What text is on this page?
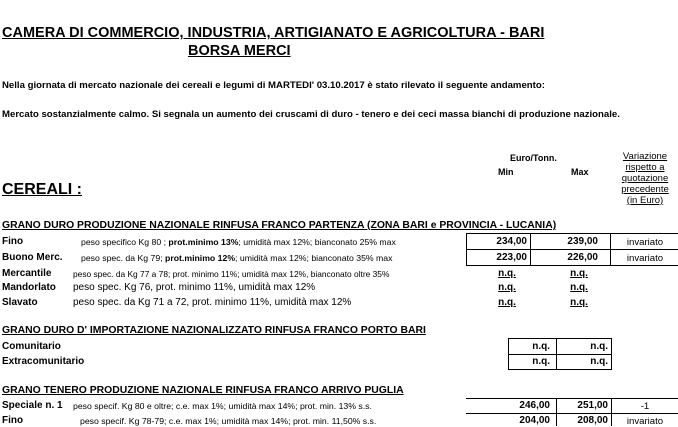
CAMERA DI COMMERCIO, INDUSTRIA, ARTIGIANATO E AGRICOLTURA - BARI
BORSA MERCI
Nella giornata di mercato nazionale dei cereali e legumi di MARTEDI' 03.10.2017 è stato rilevato il seguente andamento:
Mercato sostanzialmente calmo. Si segnala un aumento dei cruscami di duro - tenero e dei ceci massa bianchi di produzione nazionale.
Euro/Tonn.
Min	Max
Variazione
rispetto a
quotazione
precedente
(in Euro)
CEREALI :
GRANO DURO PRODUZIONE NAZIONALE RINFUSA FRANCO PARTENZA (ZONA BARI e PROVINCIA - LUCANIA)
Fino	peso specifico Kg 80 ; prot.minimo 13%; umidità max 12%; bianconato 25% max	234,00	239,00	invariato
Buono Merc. peso spec. da Kg 79; prot.minimo 12%; umidità max 12%; bianconato 35% max	223,00	226,00	invariato
Mercantile	peso spec. da Kg 77 a 78; prot. minimo 11%; umidità max 12%, bianconato oltre 35%	n.q.	n.q.
Mandorlato peso spec. Kg 76, prot. minimo 11%, umidità max 12%	n.q.	n.q.
Slavato	peso spec. da Kg 71 a 72, prot. minimo 11%, umidità max 12%	n.q.	n.q.
GRANO DURO D' IMPORTAZIONE NAZIONALIZZATO RINFUSA FRANCO PORTO BARI
Comunitario	n.q.	n.q.
Extracomunitario	n.q.	n.q.
GRANO TENERO PRODUZIONE NAZIONALE RINFUSA FRANCO ARRIVO PUGLIA
Speciale n. 1 peso specif. Kg 80 e oltre; c.e. max 1%; umidità max 14%; prot. min. 13% s.s.	246,00	251,00	-1
Fino	peso specif. Kg 78-79; c.e. max 1%; umidità max 14%; prot. min. 11,50% s.s.	204,00	208,00	invariato
